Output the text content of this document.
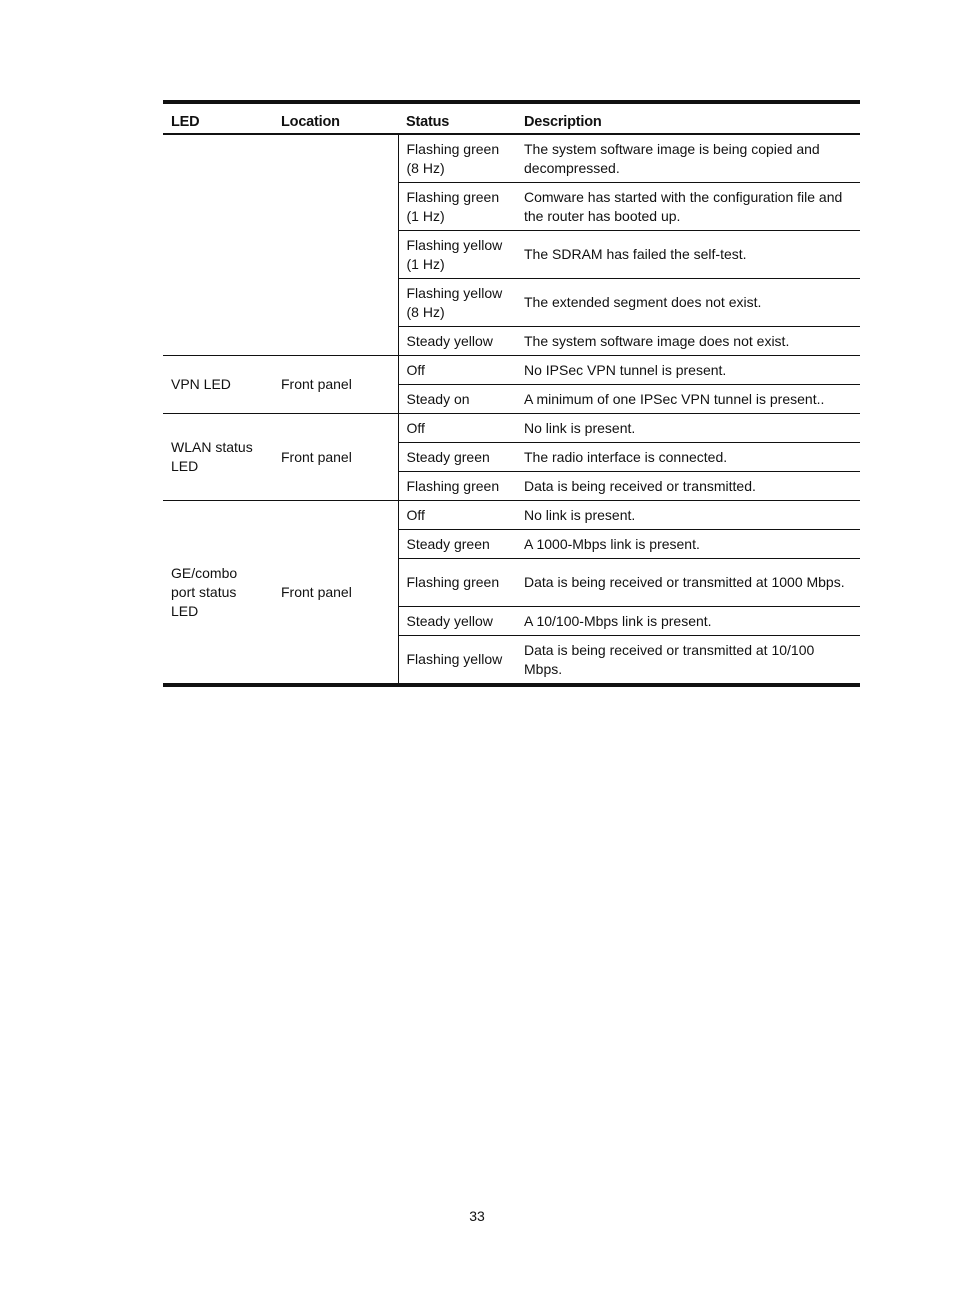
LED	Location	Status	Description
		Flashing green (8 Hz)	The system software image is being copied and decompressed.
		Flashing green (1 Hz)	Comware has started with the configuration file and the router has booted up.
		Flashing yellow (1 Hz)	The SDRAM has failed the self-test.
		Flashing yellow (8 Hz)	The extended segment does not exist.
		Steady yellow	The system software image does not exist.
VPN LED	Front panel	Off	No IPSec VPN tunnel is present.
		Steady on	A minimum of one IPSec VPN tunnel is present..
WLAN status LED	Front panel	Off	No link is present.
		Steady green	The radio interface is connected.
		Flashing green	Data is being received or transmitted.
GE/combo port status LED	Front panel	Off	No link is present.
		Steady green	A 1000-Mbps link is present.
		Flashing green	Data is being received or transmitted at 1000 Mbps.
		Steady yellow	A 10/100-Mbps link is present.
		Flashing yellow	Data is being received or transmitted at 10/100 Mbps.
33
